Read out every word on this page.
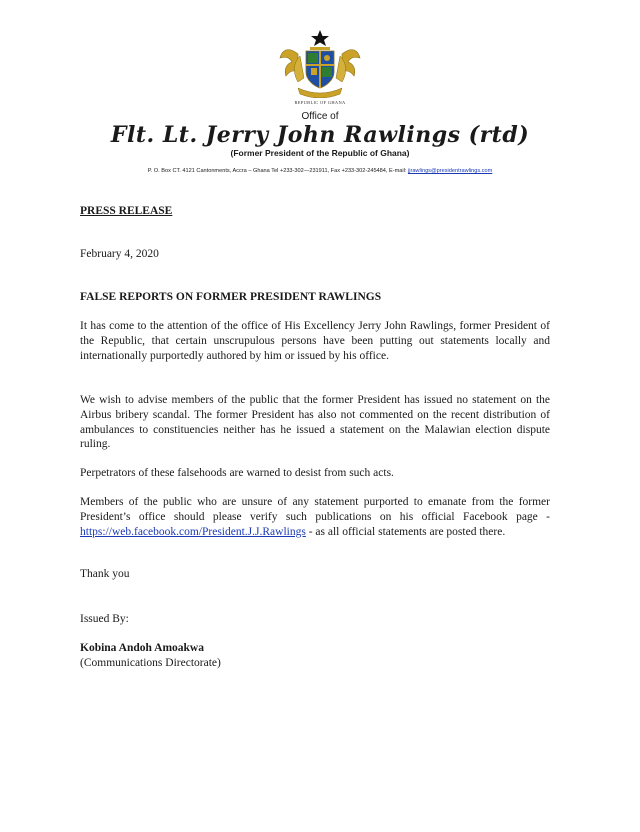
REPUBLIC OF GHANA
Office of
Flt. Lt. Jerry John Rawlings (rtd)
(Former President of the Republic of Ghana)
P. O. Box CT. 4121 Cantonments, Accra – Ghana Tel +233-302—231911, Fax +233-302-245484, E-mail: jjrawlings@presidentrawlings.com
PRESS RELEASE
February 4, 2020
FALSE REPORTS ON FORMER PRESIDENT RAWLINGS

It has come to the attention of the office of His Excellency Jerry John Rawlings, former President of the Republic, that certain unscrupulous persons have been putting out statements locally and internationally purportedly authored by him or issued by his office.

We wish to advise members of the public that the former President has issued no statement on the Airbus bribery scandal. The former President has also not commented on the recent distribution of ambulances to constituencies neither has he issued a statement on the Malawian election dispute ruling.

Perpetrators of these falsehoods are warned to desist from such acts.

Members of the public who are unsure of any statement purported to emanate from the former President’s office should please verify such publications on his official Facebook page - https://web.facebook.com/President.J.J.Rawlings - as all official statements are posted there.

Thank you
Issued By:
Kobina Andoh Amoakwa
(Communications Directorate)
